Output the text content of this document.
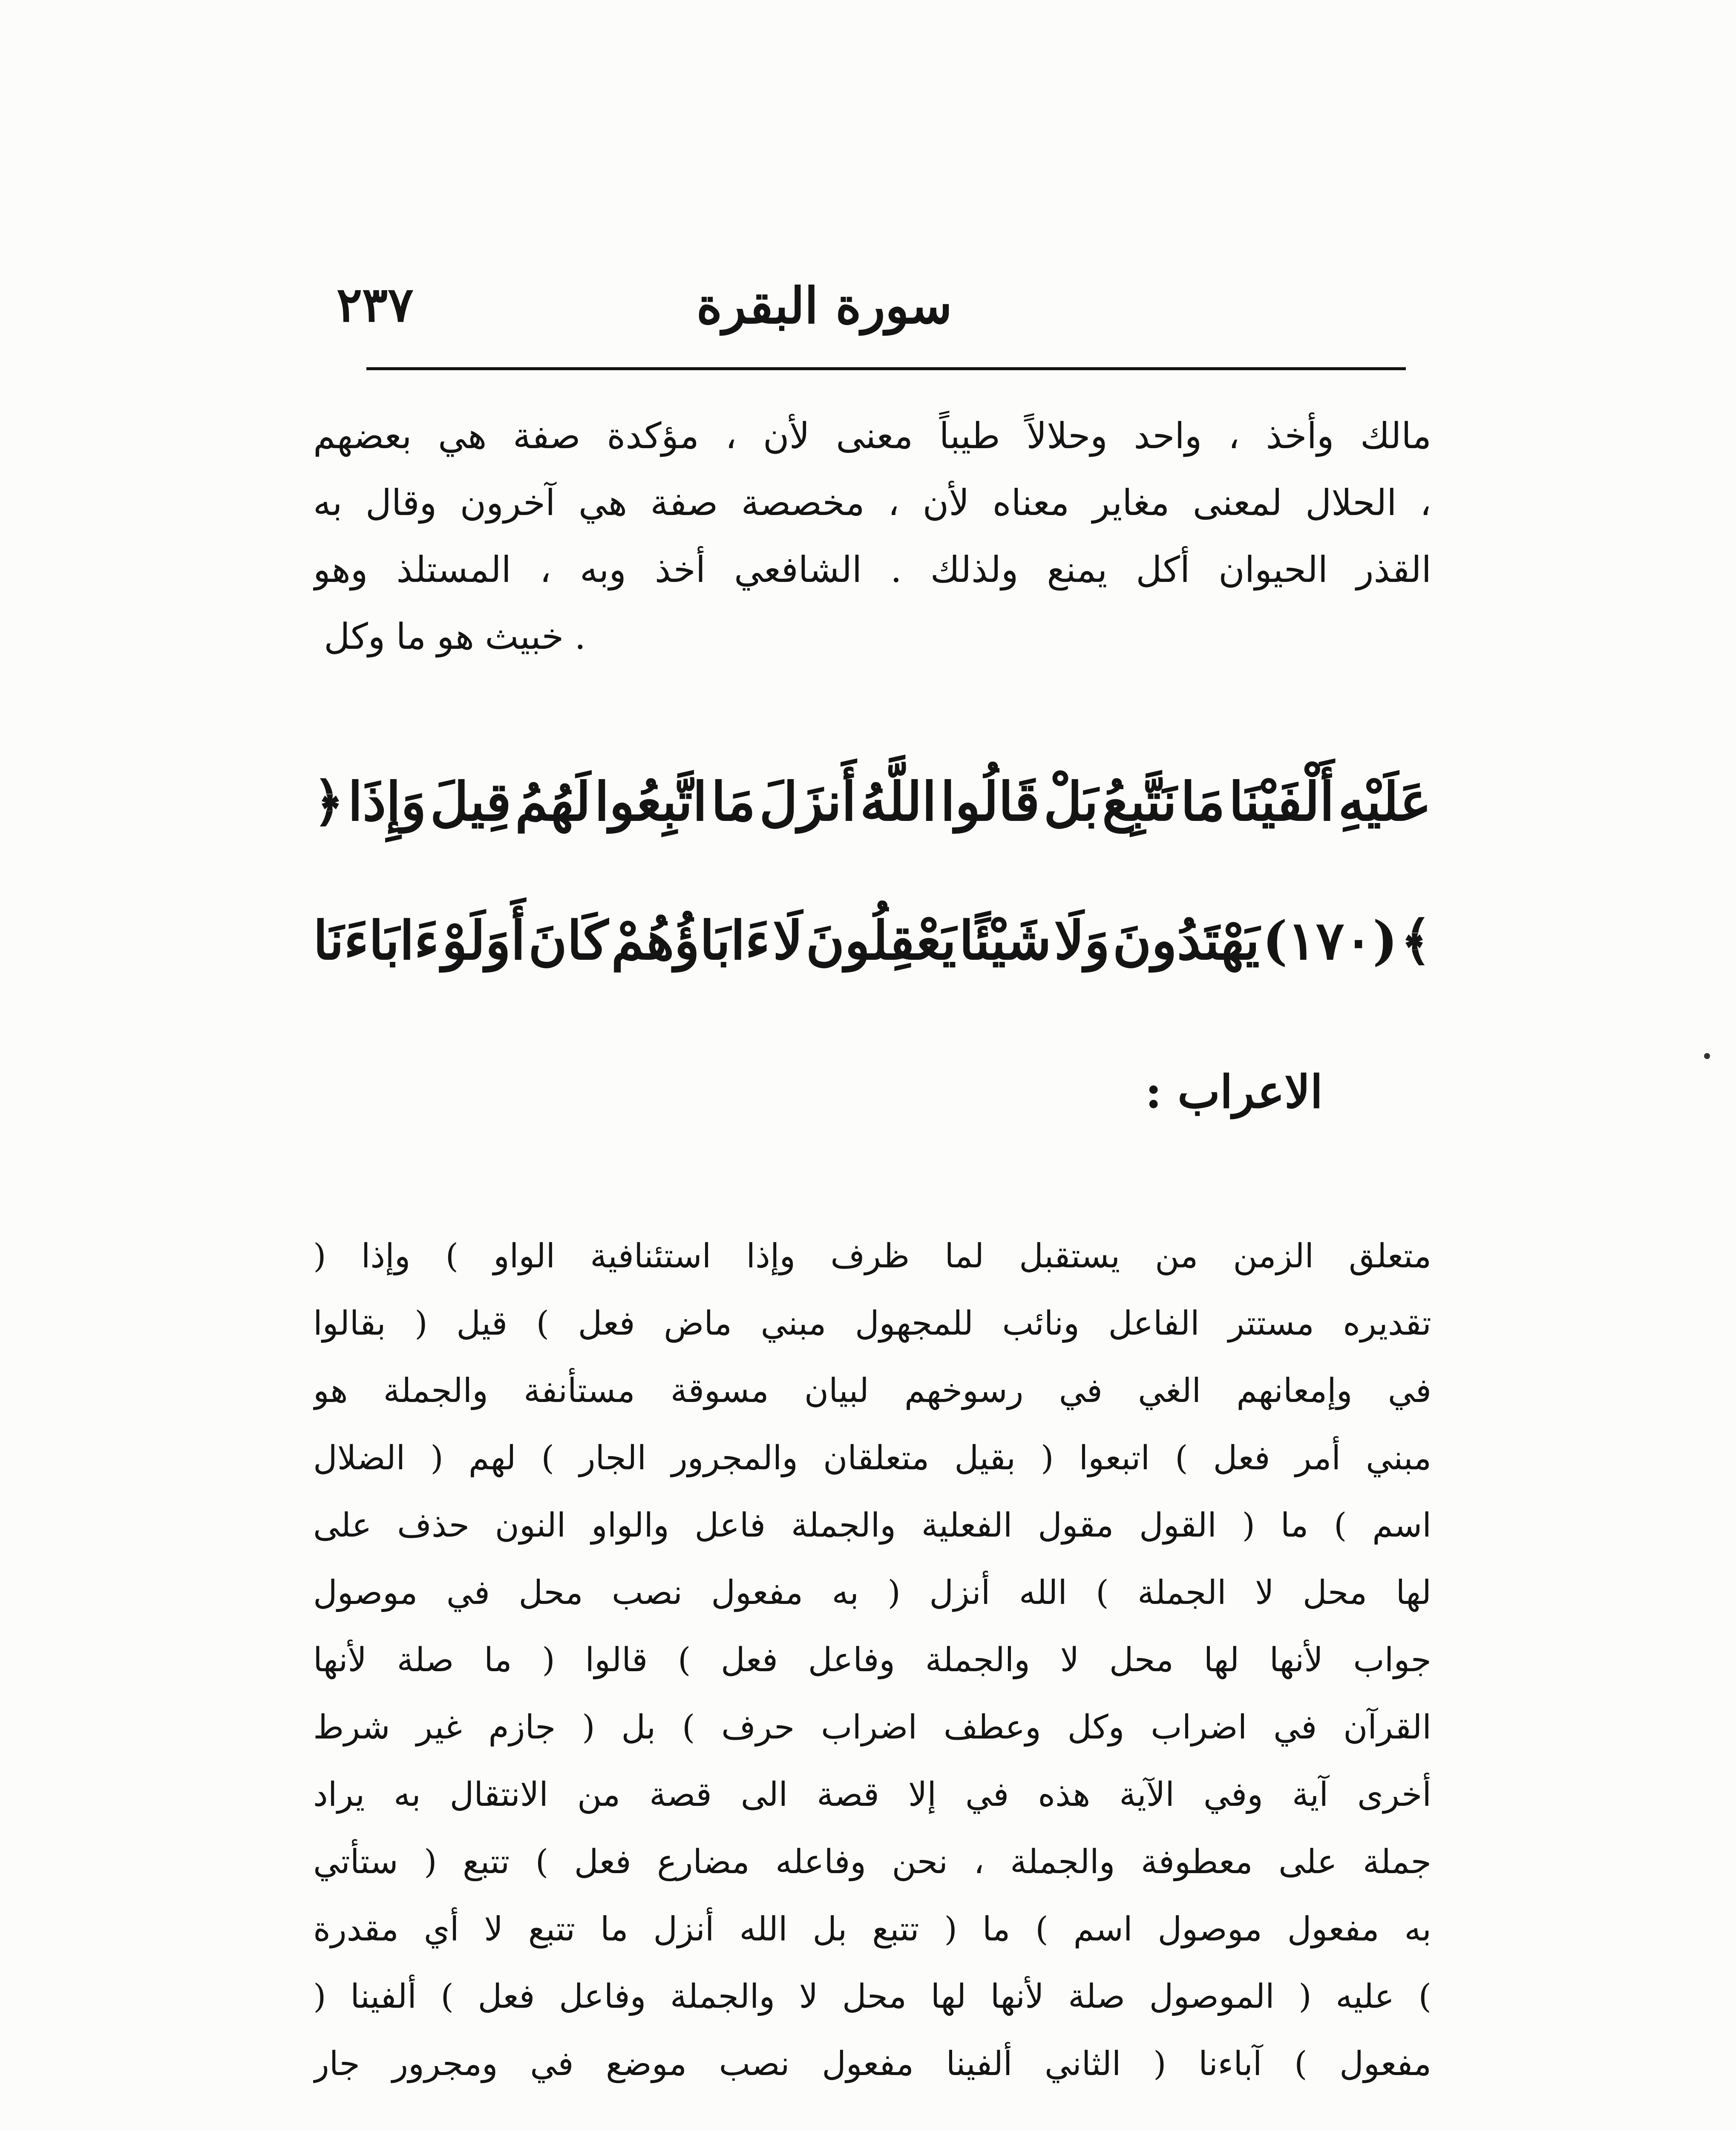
سورة البقرة
٢٣٧
بعضهم هي صفة مؤكدة ، لأن معنى طيباً وحلالاً واحد ، وأخذ مالك
به وقال آخرون هي صفة مخصصة ، لأن معناه مغاير لمعنى الحلال ،
وهو المستلذ ، وبه أخذ الشافعي . ولذلك يمنع أكل الحيوان القذر
وكل ما هو خبيث .
﴿ وَإِذَا قِيلَ لَهُمُ اتَّبِعُوا مَا أَنزَلَ اللَّهُ قَالُوا بَلْ نَتَّبِعُ مَا أَلْفَيْنَا عَلَيْهِ
ءَابَاءَنَا أَوَلَوْ كَانَ ءَابَاؤُهُمْ لَا يَعْقِلُونَ شَيْئًا وَلَا يَهْتَدُونَ (١٧٠) ﴾
الاعراب :
( وإذا ) الواو استئنافية وإذا ظرف لما يستقبل من الزمن متعلق
بقالوا ( قيل ) فعل ماض مبني للمجهول ونائب الفاعل مستتر تقديره
هو والجملة مستأنفة مسوقة لبيان رسوخهم في الغي وإمعانهم في
الضلال ( لهم ) الجار والمجرور متعلقان بقيل ( اتبعوا ) فعل أمر مبني
على حذف النون والواو فاعل والجملة الفعلية مقول القول ( ما ) اسم
موصول في محل نصب مفعول به ( أنزل الله ) الجملة لا محل لها
لأنها صلة ما ( قالوا ) فعل وفاعل والجملة لا محل لها لأنها جواب
شرط غير جازم ( بل ) حرف اضراب وعطف وكل اضراب في القرآن
يراد به الانتقال من قصة الى قصة إلا في هذه الآية وفي آية أخرى
ستأتي ( تتبع ) فعل مضارع وفاعله نحن ، والجملة معطوفة على جملة
مقدرة أي لا تتبع ما أنزل الله بل تتبع ( ما ) اسم موصول مفعول به
( ألفينا ) فعل وفاعل والجملة لا محل لها لأنها صلة الموصول ( عليه )
جار ومجرور في موضع نصب مفعول ألفينا الثاني ( آباءنا ) مفعول
